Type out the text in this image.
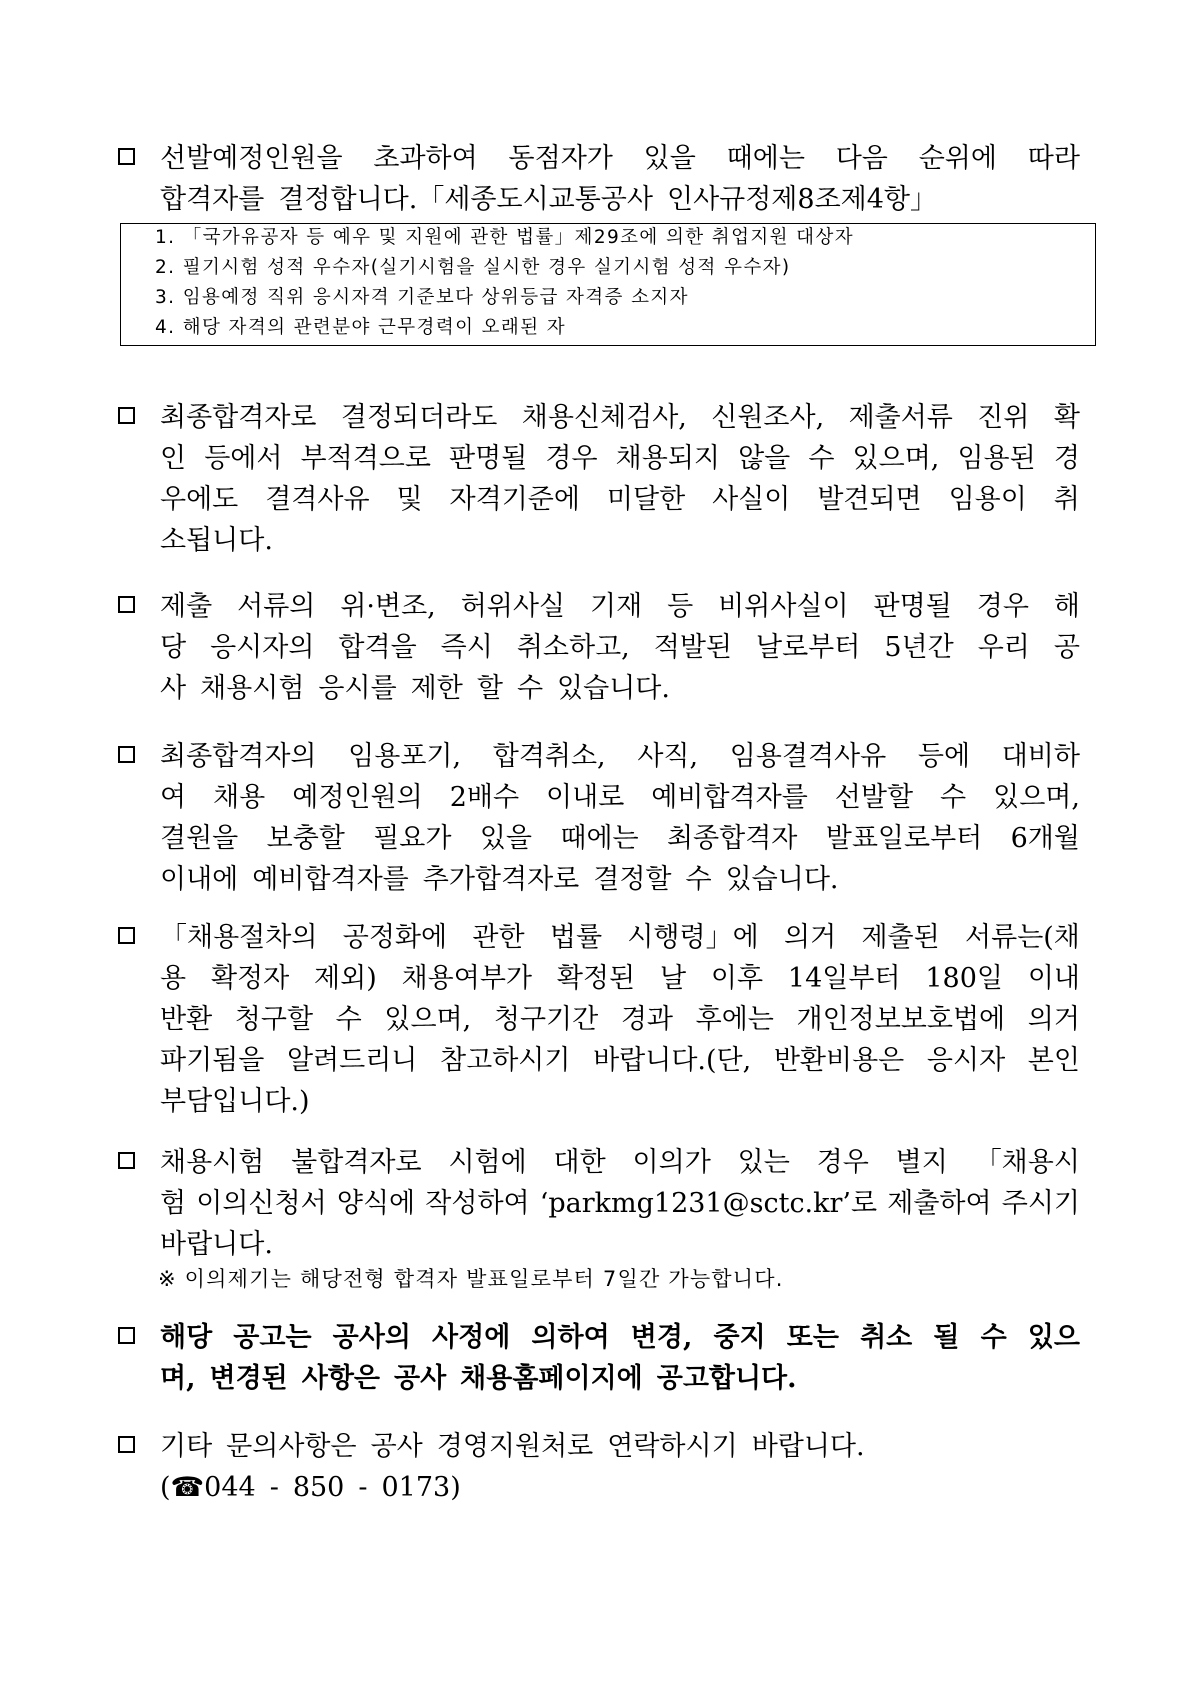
선발예정인원을 초과하여 동점자가 있을 때에는 다음 순위에 따라
합격자를 결정합니다.「세종도시교통공사 인사규정제8조제4항」
1. 「국가유공자 등 예우 및 지원에 관한 법률」제29조에 의한 취업지원 대상자
2. 필기시험 성적 우수자(실기시험을 실시한 경우 실기시험 성적 우수자)
3. 임용예정 직위 응시자격 기준보다 상위등급 자격증 소지자
4. 해당 자격의 관련분야 근무경력이 오래된 자
최종합격자로 결정되더라도 채용신체검사, 신원조사, 제출서류 진위 확
인 등에서 부적격으로 판명될 경우 채용되지 않을 수 있으며, 임용된 경
우에도 결격사유 및 자격기준에 미달한 사실이 발견되면 임용이 취
소됩니다.
제출 서류의 위·변조, 허위사실 기재 등 비위사실이 판명될 경우 해
당 응시자의 합격을 즉시 취소하고, 적발된 날로부터 5년간 우리 공
사 채용시험 응시를 제한 할 수 있습니다.
최종합격자의 임용포기, 합격취소, 사직, 임용결격사유 등에 대비하
여 채용 예정인원의 2배수 이내로 예비합격자를 선발할 수 있으며,
결원을 보충할 필요가 있을 때에는 최종합격자 발표일로부터 6개월
이내에 예비합격자를 추가합격자로 결정할 수 있습니다.
「채용절차의 공정화에 관한 법률 시행령」에 의거 제출된 서류는(채
용 확정자 제외) 채용여부가 확정된 날 이후 14일부터 180일 이내
반환 청구할 수 있으며, 청구기간 경과 후에는 개인정보보호법에 의거
파기됨을 알려드리니 참고하시기 바랍니다.(단, 반환비용은 응시자 본인
부담입니다.)
채용시험 불합격자로 시험에 대한 이의가 있는 경우 별지 「채용시
험 이의신청서 양식에 작성하여 ‘parkmg1231@sctc.kr’로 제출하여 주시기
바랍니다.
※ 이의제기는 해당전형 합격자 발표일로부터 7일간 가능합니다.
해당 공고는 공사의 사정에 의하여 변경, 중지 또는 취소 될 수 있으
며, 변경된 사항은 공사 채용홈페이지에 공고합니다.
기타 문의사항은 공사 경영지원처로 연락하시기 바랍니다.
(☎044 - 850 - 0173)
